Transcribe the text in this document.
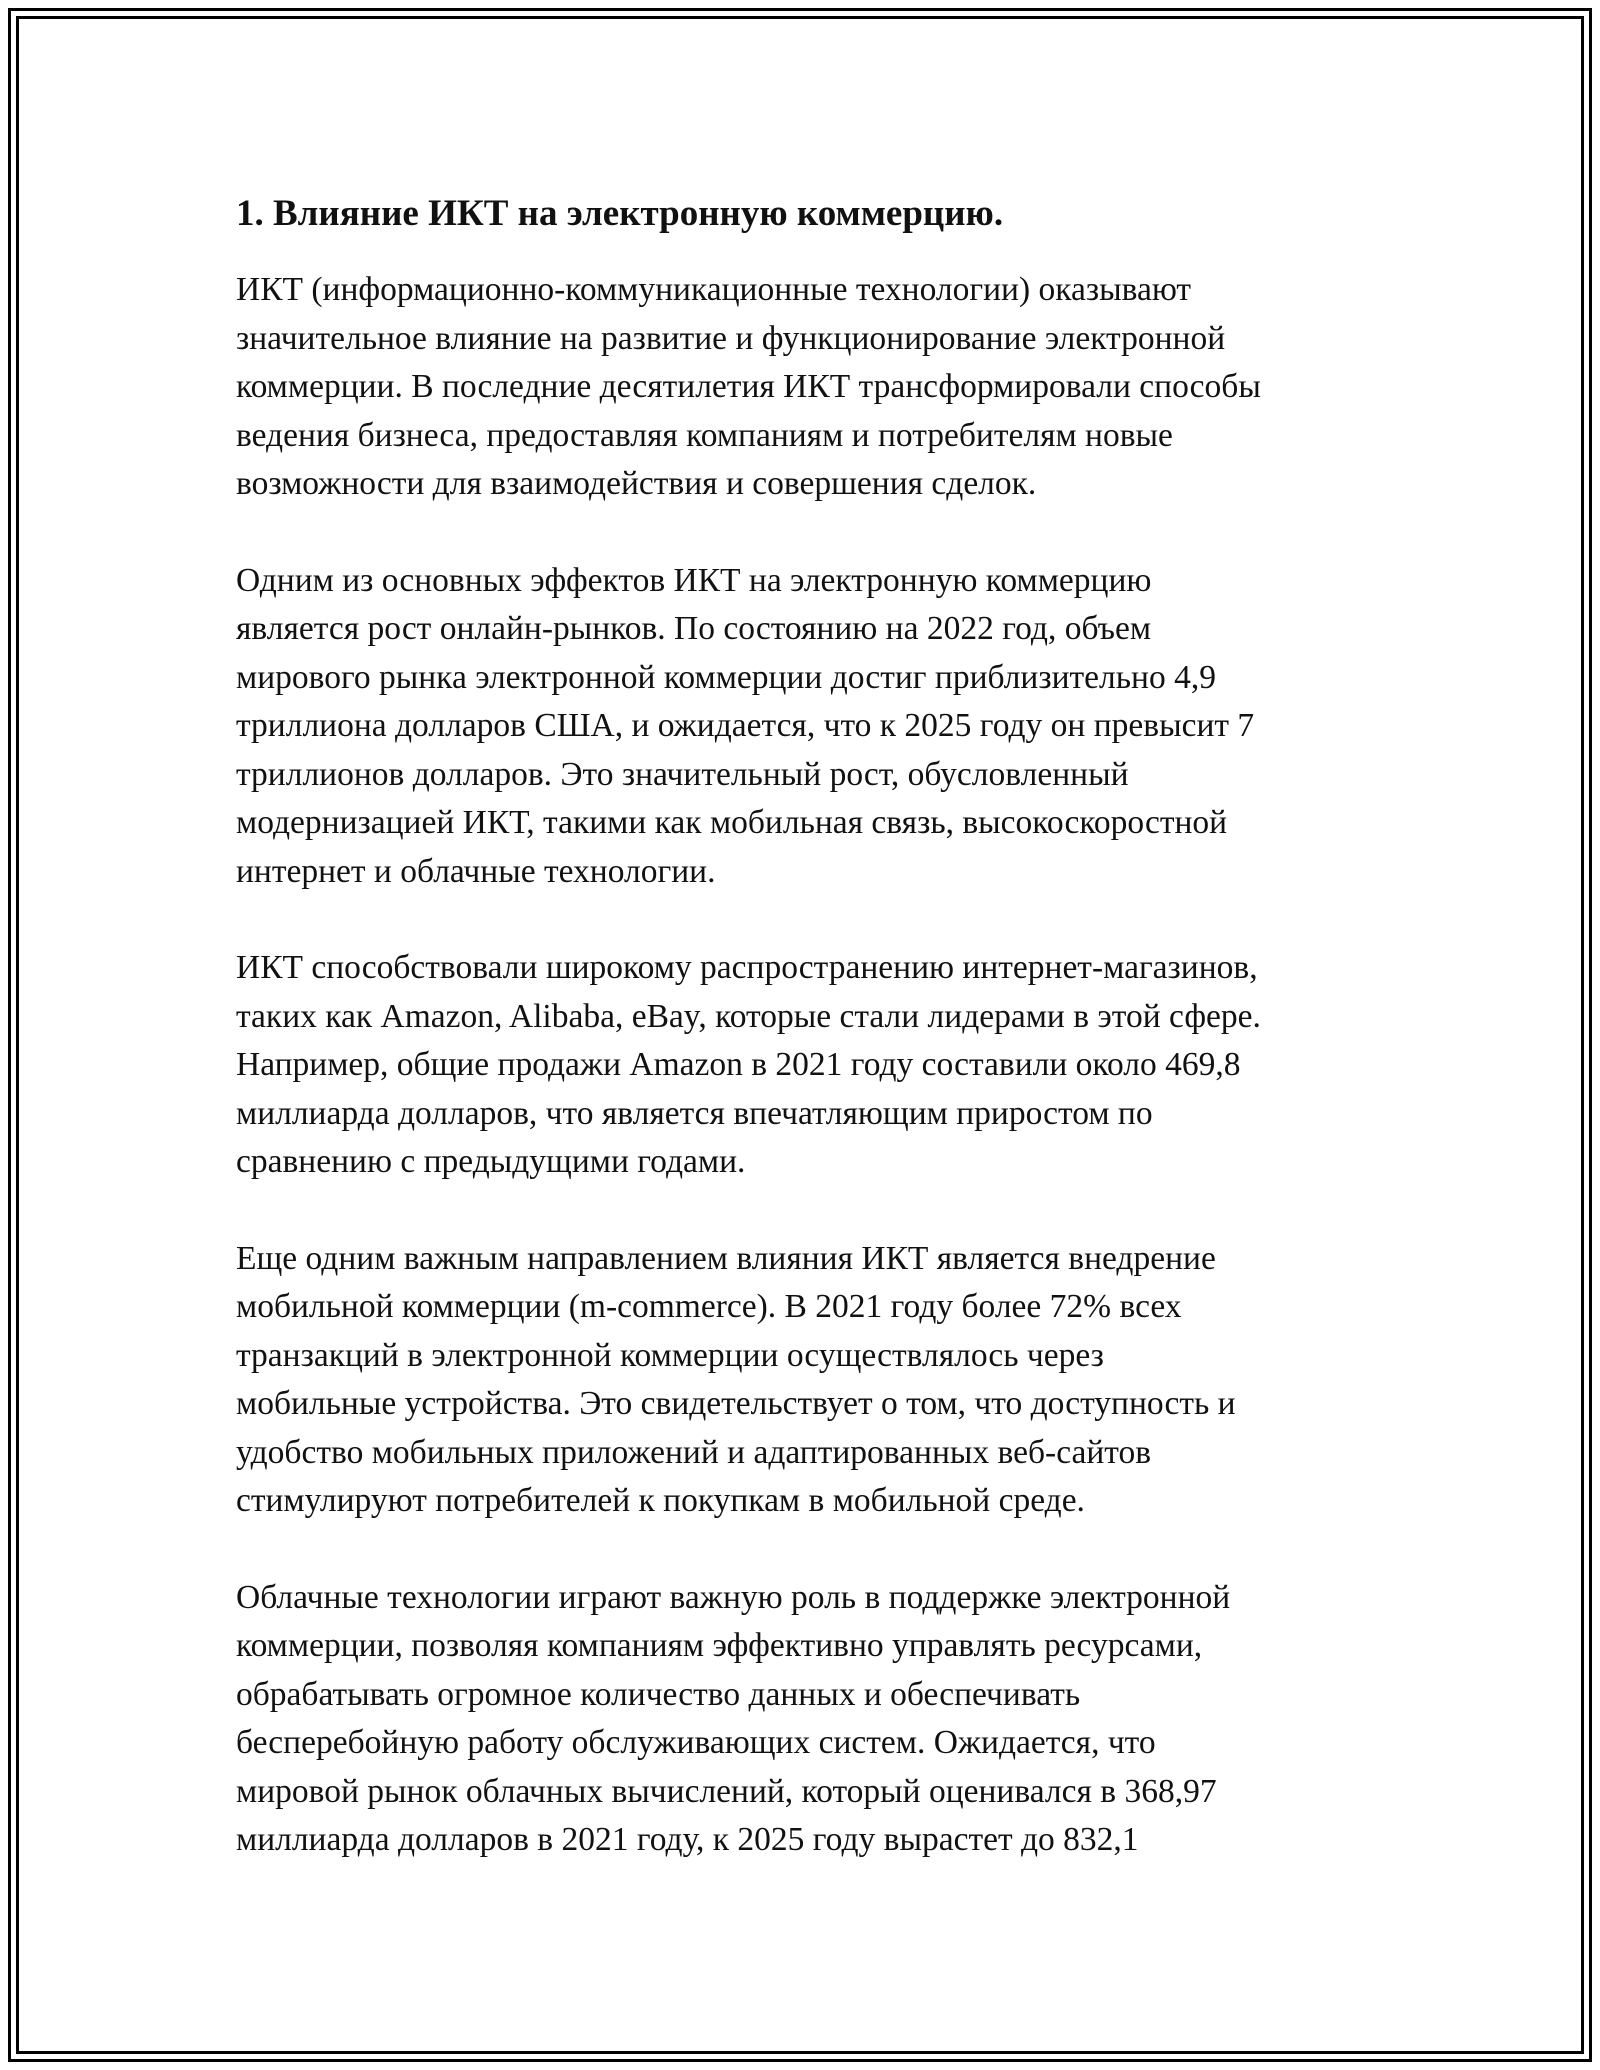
1. Влияние ИКТ на электронную коммерцию.

ИКТ (информационно-коммуникационные технологии) оказывают
значительное влияние на развитие и функционирование электронной
коммерции. В последние десятилетия ИКТ трансформировали способы
ведения бизнеса, предоставляя компаниям и потребителям новые
возможности для взаимодействия и совершения сделок.

Одним из основных эффектов ИКТ на электронную коммерцию
является рост онлайн-рынков. По состоянию на 2022 год, объем
мирового рынка электронной коммерции достиг приблизительно 4,9
триллиона долларов США, и ожидается, что к 2025 году он превысит 7
триллионов долларов. Это значительный рост, обусловленный
модернизацией ИКТ, такими как мобильная связь, высокоскоростной
интернет и облачные технологии.

ИКТ способствовали широкому распространению интернет-магазинов,
таких как Amazon, Alibaba, eBay, которые стали лидерами в этой сфере.
Например, общие продажи Amazon в 2021 году составили около 469,8
миллиарда долларов, что является впечатляющим приростом по
сравнению с предыдущими годами.

Еще одним важным направлением влияния ИКТ является внедрение
мобильной коммерции (m-commerce). В 2021 году более 72% всех
транзакций в электронной коммерции осуществлялось через
мобильные устройства. Это свидетельствует о том, что доступность и
удобство мобильных приложений и адаптированных веб-сайтов
стимулируют потребителей к покупкам в мобильной среде.

Облачные технологии играют важную роль в поддержке электронной
коммерции, позволяя компаниям эффективно управлять ресурсами,
обрабатывать огромное количество данных и обеспечивать
бесперебойную работу обслуживающих систем. Ожидается, что
мировой рынок облачных вычислений, который оценивался в 368,97
миллиарда долларов в 2021 году, к 2025 году вырастет до 832,1
